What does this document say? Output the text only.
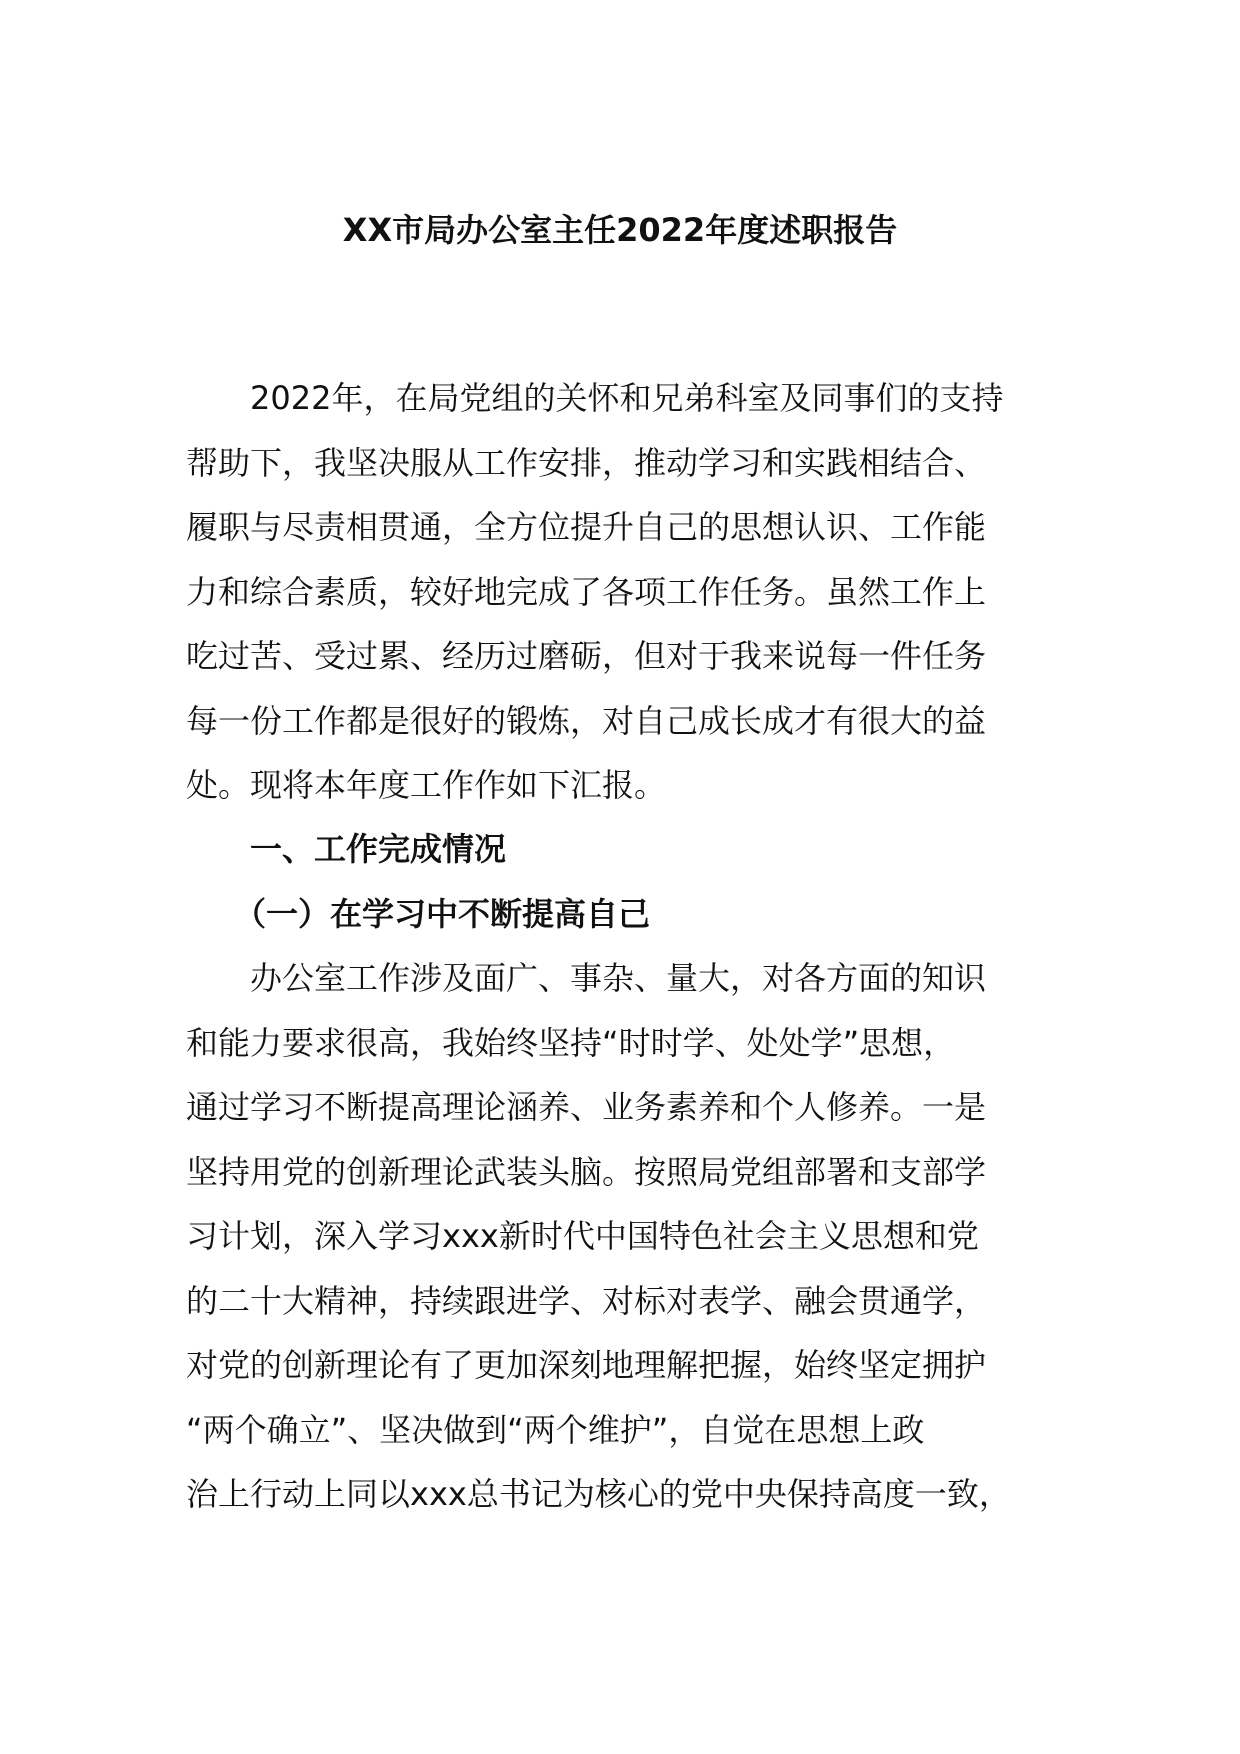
XX市局办公室主任2022年度述职报告
　　2022年，在局党组的关怀和兄弟科室及同事们的支持
帮助下，我坚决服从工作安排，推动学习和实践相结合、
履职与尽责相贯通，全方位提升自己的思想认识、工作能
力和综合素质，较好地完成了各项工作任务。虽然工作上
吃过苦、受过累、经历过磨砺，但对于我来说每一件任务
每一份工作都是很好的锻炼，对自己成长成才有很大的益
处。现将本年度工作作如下汇报。
　　一、工作完成情况
　　（一）在学习中不断提高自己
　　办公室工作涉及面广、事杂、量大，对各方面的知识
和能力要求很高，我始终坚持“时时学、处处学”思想，
通过学习不断提高理论涵养、业务素养和个人修养。一是
坚持用党的创新理论武装头脑。按照局党组部署和支部学
习计划，深入学习xxx新时代中国特色社会主义思想和党
的二十大精神，持续跟进学、对标对表学、融会贯通学，
对党的创新理论有了更加深刻地理解把握，始终坚定拥护
“两个确立”、坚决做到“两个维护”，自觉在思想上政
治上行动上同以xxx总书记为核心的党中央保持高度一致，
